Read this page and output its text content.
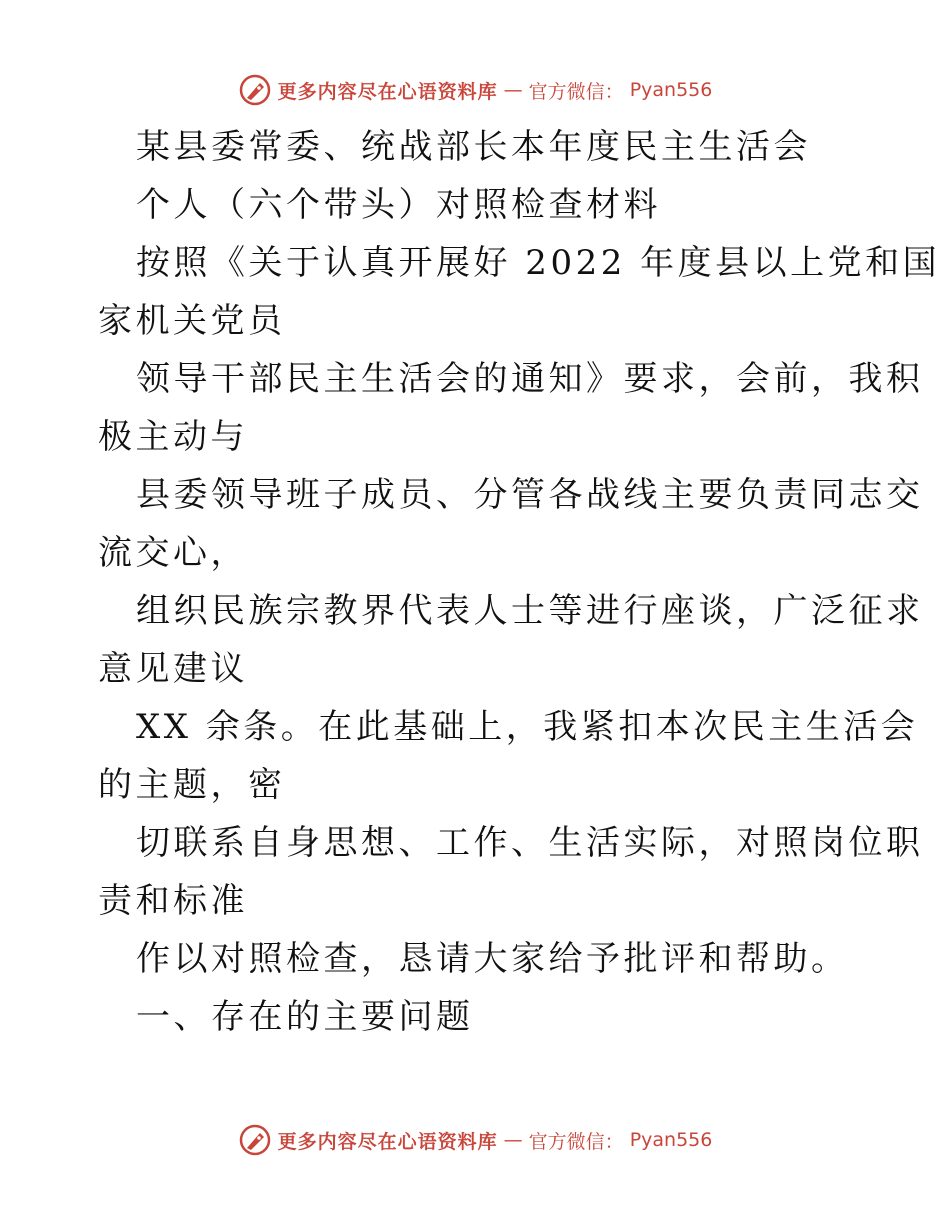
更多内容尽在心语资料库 — 官方微信： Pyan556
某县委常委、统战部长本年度民主生活会
个人（六个带头）对照检查材料
按照《关于认真开展好 2022 年度县以上党和国
家机关党员
领导干部民主生活会的通知》要求，会前，我积
极主动与
县委领导班子成员、分管各战线主要负责同志交
流交心，
组织民族宗教界代表人士等进行座谈，广泛征求
意见建议
XX 余条。在此基础上，我紧扣本次民主生活会
的主题，密
切联系自身思想、工作、生活实际，对照岗位职
责和标准
作以对照检查，恳请大家给予批评和帮助。
一、存在的主要问题
更多内容尽在心语资料库 — 官方微信： Pyan556
